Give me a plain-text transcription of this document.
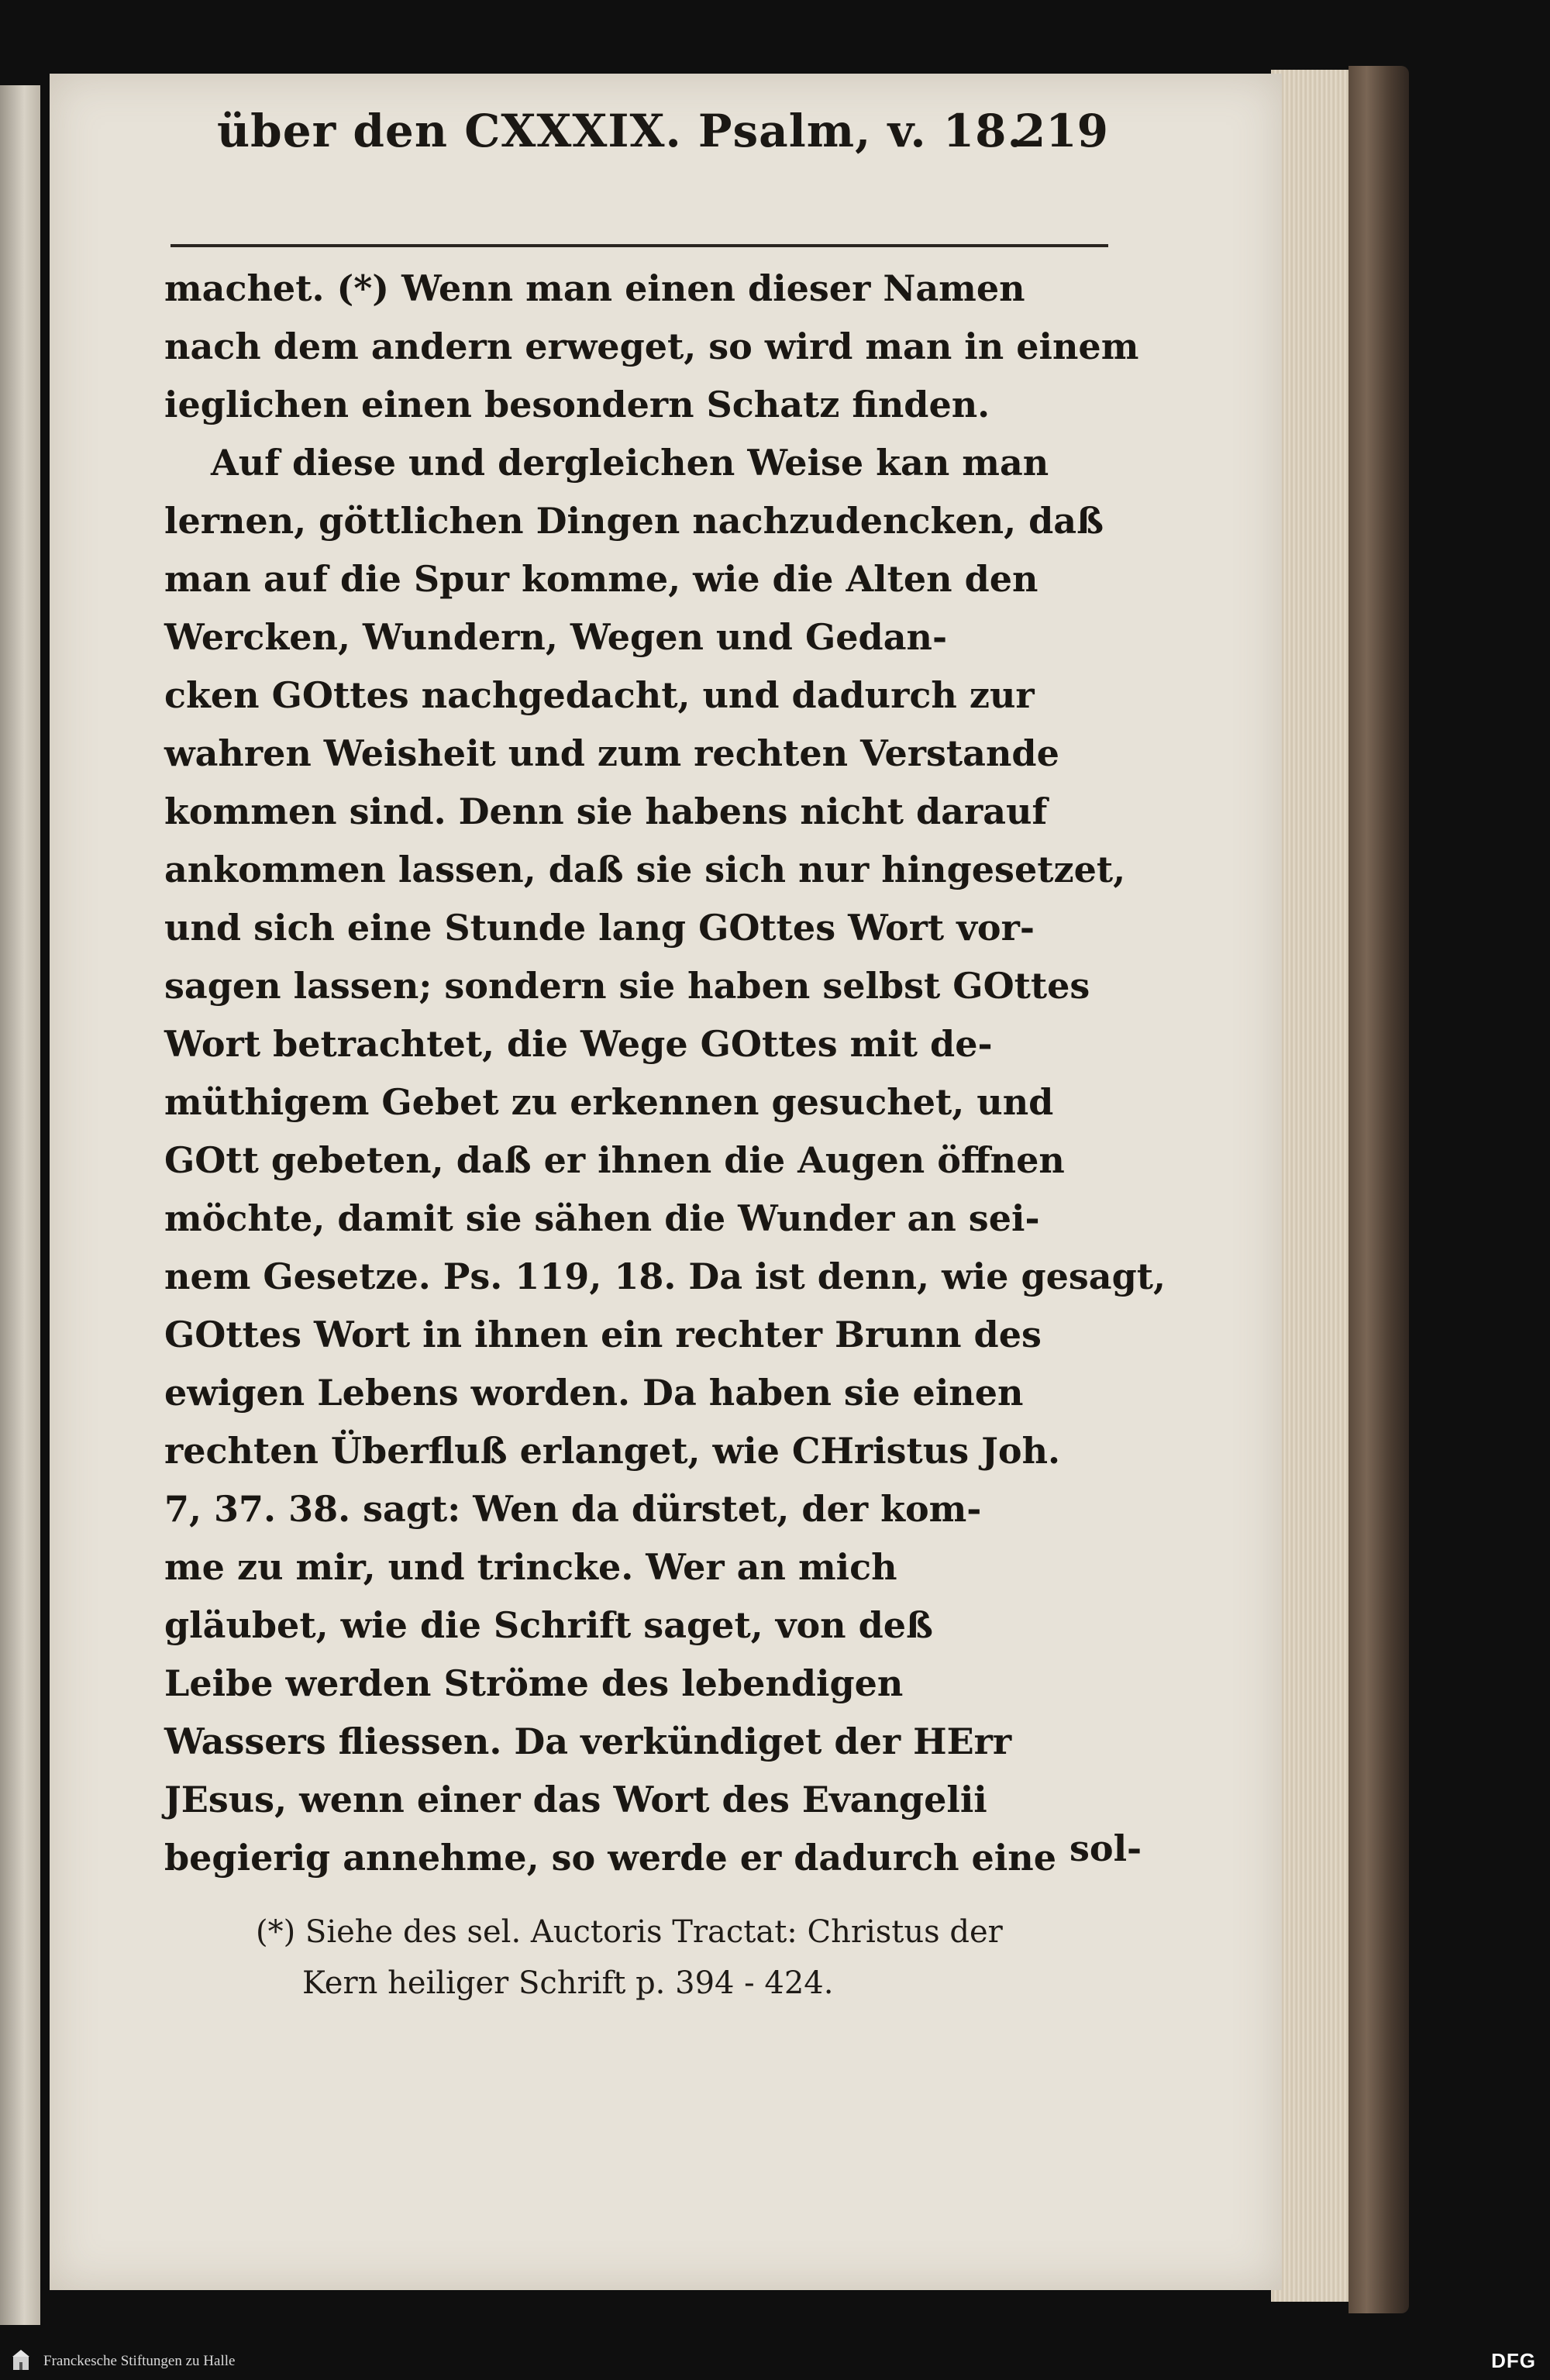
über den CXXXIX. Psalm, v. 18.
219
machet. (*) Wenn man einen dieser Namen
nach dem andern erweget, so wird man in einem
ieglichen einen besondern Schatz finden.
Auf diese und dergleichen Weise kan man
lernen, göttlichen Dingen nachzudencken, daß
man auf die Spur komme, wie die Alten den
Wercken, Wundern, Wegen und Gedan-
cken GOttes nachgedacht, und dadurch zur
wahren Weisheit und zum rechten Verstande
kommen sind. Denn sie habens nicht darauf
ankommen lassen, daß sie sich nur hingesetzet,
und sich eine Stunde lang GOttes Wort vor-
sagen lassen; sondern sie haben selbst GOttes
Wort betrachtet, die Wege GOttes mit de-
müthigem Gebet zu erkennen gesuchet, und
GOtt gebeten, daß er ihnen die Augen öffnen
möchte, damit sie sähen die Wunder an sei-
nem Gesetze. Ps. 119, 18. Da ist denn, wie gesagt,
GOttes Wort in ihnen ein rechter Brunn des
ewigen Lebens worden. Da haben sie einen
rechten Überfluß erlanget, wie CHristus Joh.
7, 37. 38. sagt: Wen da dürstet, der kom-
me zu mir, und trincke. Wer an mich
gläubet, wie die Schrift saget, von deß
Leibe werden Ströme des lebendigen
Wassers fliessen. Da verkündiget der HErr
JEsus, wenn einer das Wort des Evangelii
begierig annehme, so werde er dadurch eine sol-
(*) Siehe des sel. Auctoris Tractat: Christus der
Kern heiliger Schrift p. 394 - 424.
Franckesche Stiftungen zu Halle	DFG
